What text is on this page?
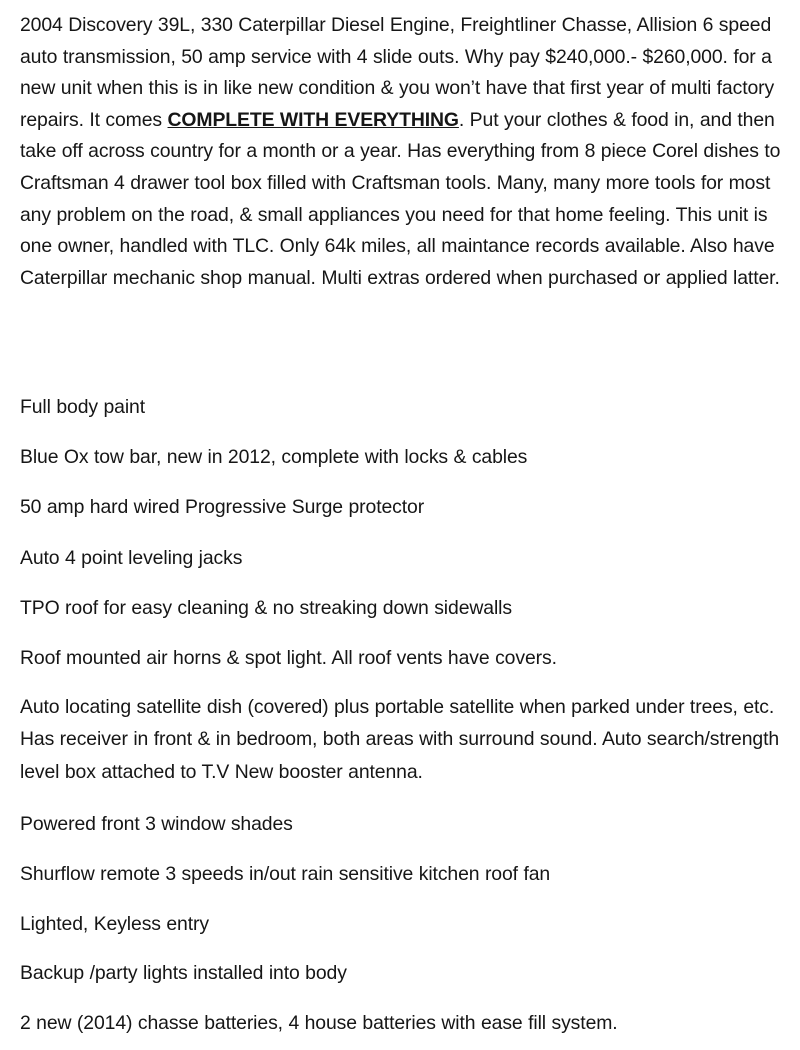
2004 Discovery 39L, 330 Caterpillar Diesel Engine, Freightliner Chasse, Allision 6 speed auto transmission, 50 amp service with 4 slide outs. Why pay $240,000.- $260,000. for a new unit when this is in like new condition & you won’t have that first year of multi factory repairs. It comes COMPLETE WITH EVERYTHING. Put your clothes & food in, and then take off across country for a month or a year. Has everything from 8 piece Corel dishes to Craftsman 4 drawer tool box filled with Craftsman tools. Many, many more tools for most any problem on the road, & small appliances you need for that home feeling. This unit is one owner, handled with TLC. Only 64k miles, all maintance records available. Also have Caterpillar mechanic shop manual. Multi extras ordered when purchased or applied latter.

Full body paint
Blue Ox tow bar, new in 2012, complete with locks & cables
50 amp hard wired Progressive Surge protector
Auto 4 point leveling jacks
TPO roof for easy cleaning & no streaking down sidewalls
Roof mounted air horns & spot light. All roof vents have covers.
Auto locating satellite dish (covered) plus portable satellite when parked under trees, etc. Has receiver in front & in bedroom, both areas with surround sound. Auto search/strength level box attached to T.V New booster antenna.
Powered front 3 window shades
Shurflow remote 3 speeds in/out rain sensitive kitchen roof fan
Lighted, Keyless entry
Backup /party lights installed into body
2 new (2014) chasse batteries, 4 house batteries with ease fill system.
